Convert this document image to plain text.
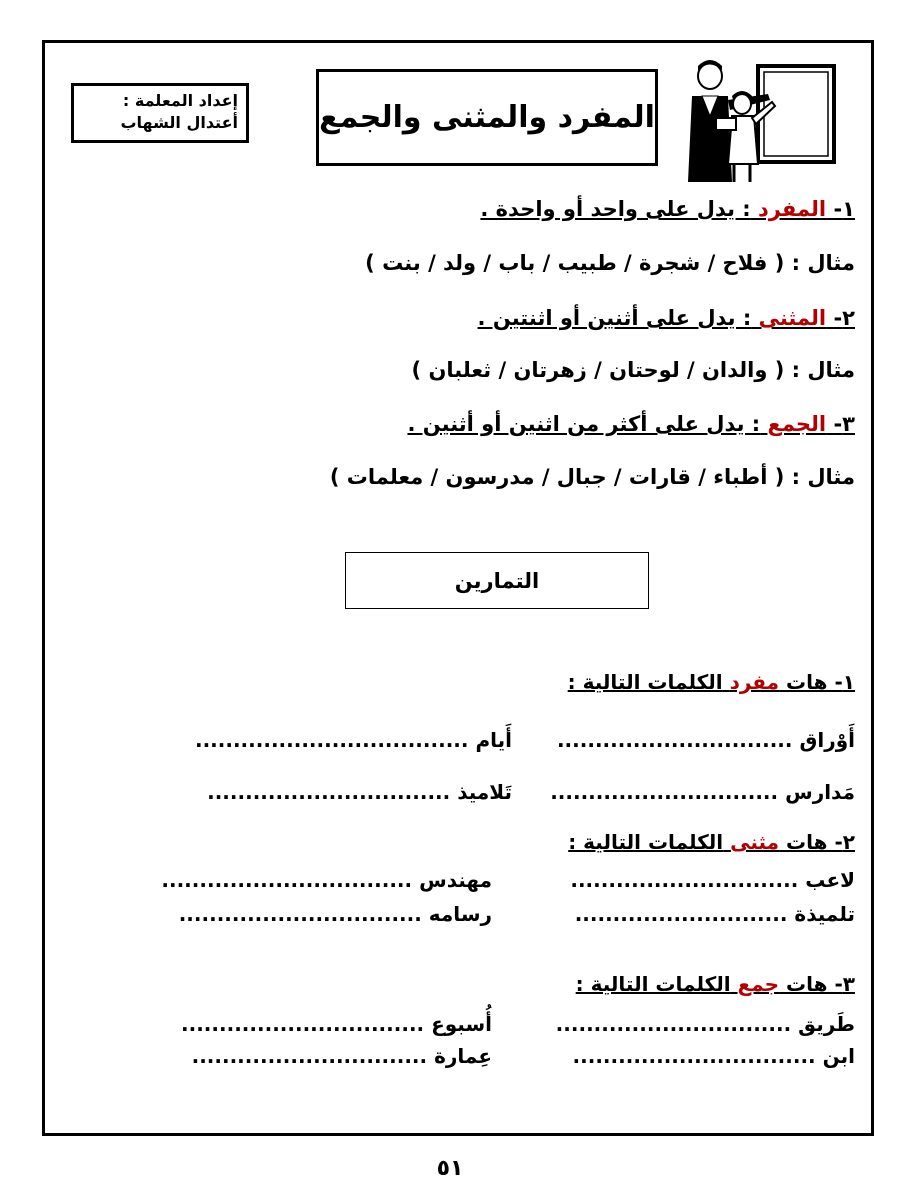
إعداد المعلمة :
أعتدال الشهاب	المفرد والمثنى والجمع
١- المفرد : يدل على واحد أو واحدة .
مثال : ( فلاح / شجرة / طبيب / باب / ولد / بنت )
٢- المثنى : يدل على أثنين أو اثنتين .
مثال : ( والدان / لوحتان / زهرتان / ثعلبان )
٣- الجمع : يدل على أكثر من اثنين أو أثنين .
مثال : ( أطباء / قارات / جبال / مدرسون / معلمات )
التمارين
١- هات مفرد الكلمات التالية :
أَوْراق ...............................
أَيام ....................................
مَدارس ..............................
تَلاميذ ................................
٢- هات مثنى الكلمات التالية :
لاعب ..............................
مهندس .................................
تلميذة ............................
رسامه ................................
٣- هات جمع الكلمات التالية :
طَريق ...............................
أُسبوع ................................
ابن ................................
عِمارة ...............................
٥١
